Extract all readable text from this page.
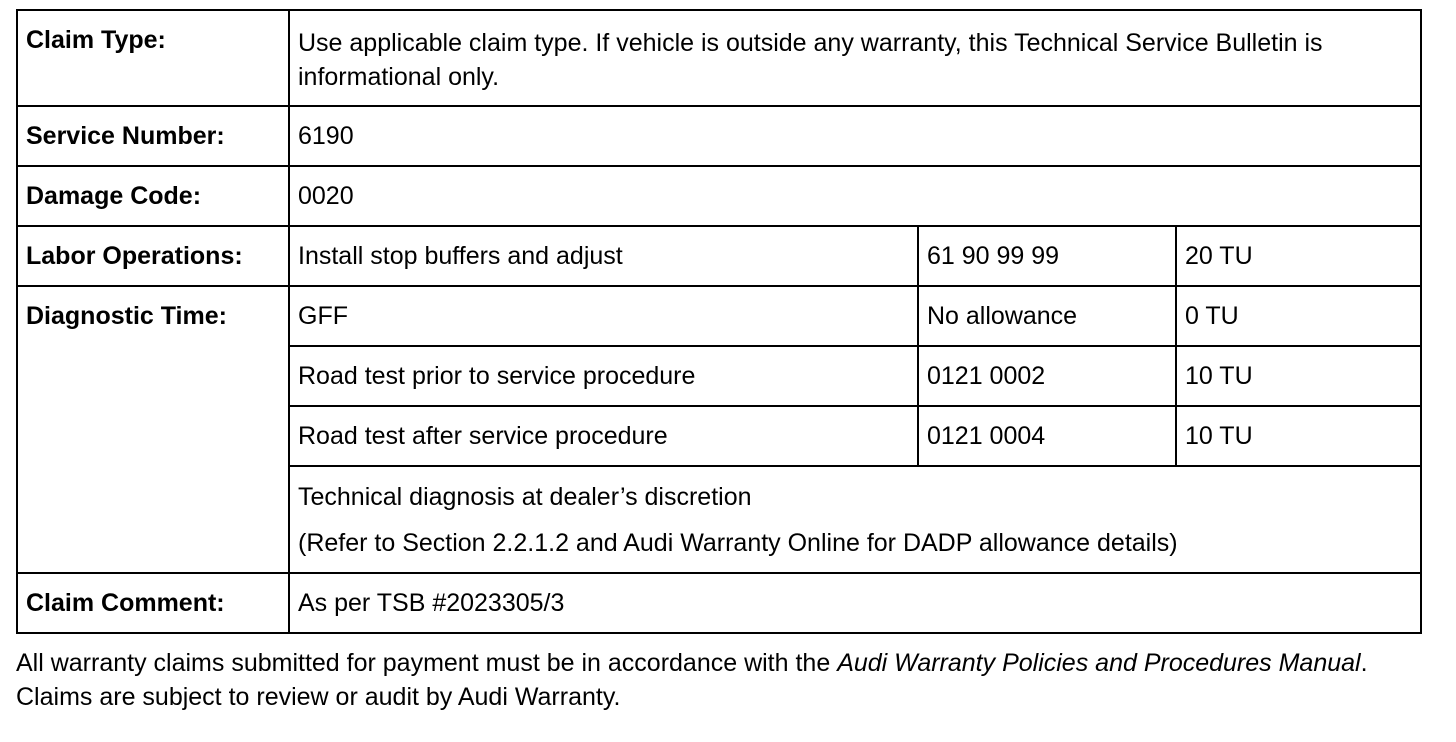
Claim Type:	Use applicable claim type. If vehicle is outside any warranty, this Technical Service Bulletin is informational only.		
Service Number:	6190		
Damage Code:	0020		
Labor Operations:	Install stop buffers and adjust	61 90 99 99	20 TU
Diagnostic Time:	GFF	No allowance	0 TU
	Road test prior to service procedure	0121 0002	10 TU
	Road test after service procedure	0121 0004	10 TU

	Technical diagnosis at dealer’s discretion
(Refer to Section 2.2.1.2 and Audi Warranty Online for DADP allowance details)		

Claim Comment:	As per TSB #2023305/3		
All warranty claims submitted for payment must be in accordance with the Audi Warranty Policies and Procedures Manual. Claims are subject to review or audit by Audi Warranty.
